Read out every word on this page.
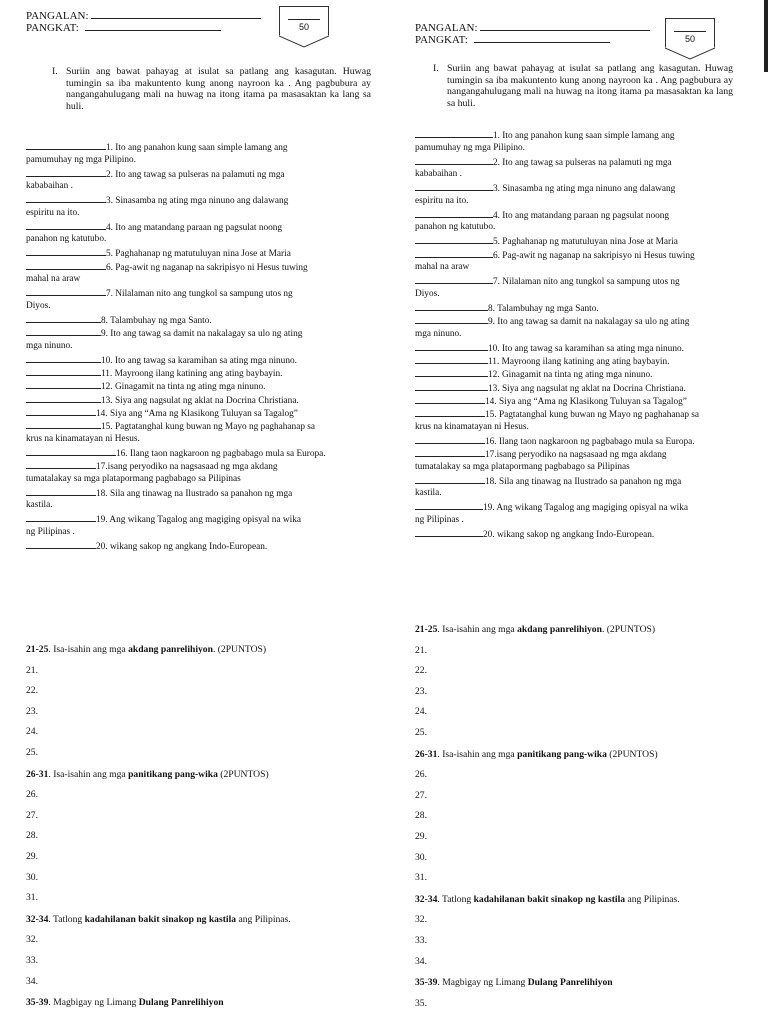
PANGALAN:
PANGKAT:	50
I. Suriin ang bawat pahayag at isulat sa patlang ang kasagutan. Huwag tumingin sa iba makuntento kung anong nayroon ka . Ang pagbubura ay nangangahulugang mali na huwag na itong itama pa masasaktan ka lang sa huli.
1. Ito ang panahon kung saan simple lamang ang
pamumuhay ng mga Pilipino.
2. Ito ang tawag sa pulseras na palamuti ng mga
kababaihan .
3. Sinasamba ng ating mga ninuno ang dalawang
espiritu na ito.
4. Ito ang matandang paraan ng pagsulat noong
panahon ng katutubo.
5. Paghahanap ng matutuluyan nina Jose at Maria
6. Pag-awit ng naganap na sakripisyo ni Hesus tuwing
mahal na araw
7. Nilalaman nito ang tungkol sa sampung utos ng
Diyos.
8. Talambuhay ng mga Santo.
9. Ito ang tawag sa damit na nakalagay sa ulo ng ating
mga ninuno.
10. Ito ang tawag sa karamihan sa ating mga ninuno.
11. Mayroong ilang katining ang ating baybayin.
12. Ginagamit na tinta ng ating mga ninuno.
13. Siya ang nagsulat ng aklat na Docrina Christiana.
14. Siya ang “Ama ng Klasikong Tuluyan sa Tagalog”
15. Pagtatanghal kung buwan ng Mayo ng paghahanap sa
krus na kinamatayan ni Hesus.
16. Ilang taon nagkaroon ng pagbabago mula sa Europa.
17.isang peryodiko na nagsasaad ng mga akdang
tumatalakay sa mga platapormang pagbabago sa Pilipinas
18. Sila ang tinawag na Ilustrado sa panahon ng mga
kastila.
19. Ang wikang Tagalog ang magiging opisyal na wika
ng Pilipinas .
20. wikang sakop ng angkang Indo-European.
21-25. Isa-isahin ang mga akdang panrelihiyon. (2PUNTOS)
21.
22.
23.
24.
25.
26-31. Isa-isahin ang mga panitikang pang-wika (2PUNTOS)
26.
27.
28.
29.
30.
31.
32-34. Tatlong kadahilanan bakit sinakop ng kastila ang Pilipinas.
32.
33.
34.
35-39. Magbigay ng Limang Dulang Panrelihiyon
PANGALAN:
PANGKAT:	50
I. Suriin ang bawat pahayag at isulat sa patlang ang kasagutan. Huwag tumingin sa iba makuntento kung anong nayroon ka . Ang pagbubura ay nangangahulugang mali na huwag na itong itama pa masasaktan ka lang sa huli.
1. Ito ang panahon kung saan simple lamang ang
pamumuhay ng mga Pilipino.
2. Ito ang tawag sa pulseras na palamuti ng mga
kababaihan .
3. Sinasamba ng ating mga ninuno ang dalawang
espiritu na ito.
4. Ito ang matandang paraan ng pagsulat noong
panahon ng katutubo.
5. Paghahanap ng matutuluyan nina Jose at Maria
6. Pag-awit ng naganap na sakripisyo ni Hesus tuwing
mahal na araw
7. Nilalaman nito ang tungkol sa sampung utos ng
Diyos.
8. Talambuhay ng mga Santo.
9. Ito ang tawag sa damit na nakalagay sa ulo ng ating
mga ninuno.
10. Ito ang tawag sa karamihan sa ating mga ninuno.
11. Mayroong ilang katining ang ating baybayin.
12. Ginagamit na tinta ng ating mga ninuno.
13. Siya ang nagsulat ng aklat na Docrina Christiana.
14. Siya ang “Ama ng Klasikong Tuluyan sa Tagalog”
15. Pagtatanghal kung buwan ng Mayo ng paghahanap sa
krus na kinamatayan ni Hesus.
16. Ilang taon nagkaroon ng pagbabago mula sa Europa.
17.isang peryodiko na nagsasaad ng mga akdang
tumatalakay sa mga platapormang pagbabago sa Pilipinas
18. Sila ang tinawag na Ilustrado sa panahon ng mga
kastila.
19. Ang wikang Tagalog ang magiging opisyal na wika
ng Pilipinas .
20. wikang sakop ng angkang Indo-European.
21-25. Isa-isahin ang mga akdang panrelihiyon. (2PUNTOS)
21.
22.
23.
24.
25.
26-31. Isa-isahin ang mga panitikang pang-wika (2PUNTOS)
26.
27.
28.
29.
30.
31.
32-34. Tatlong kadahilanan bakit sinakop ng kastila ang Pilipinas.
32.
33.
34.
35-39. Magbigay ng Limang Dulang Panrelihiyon
35.
